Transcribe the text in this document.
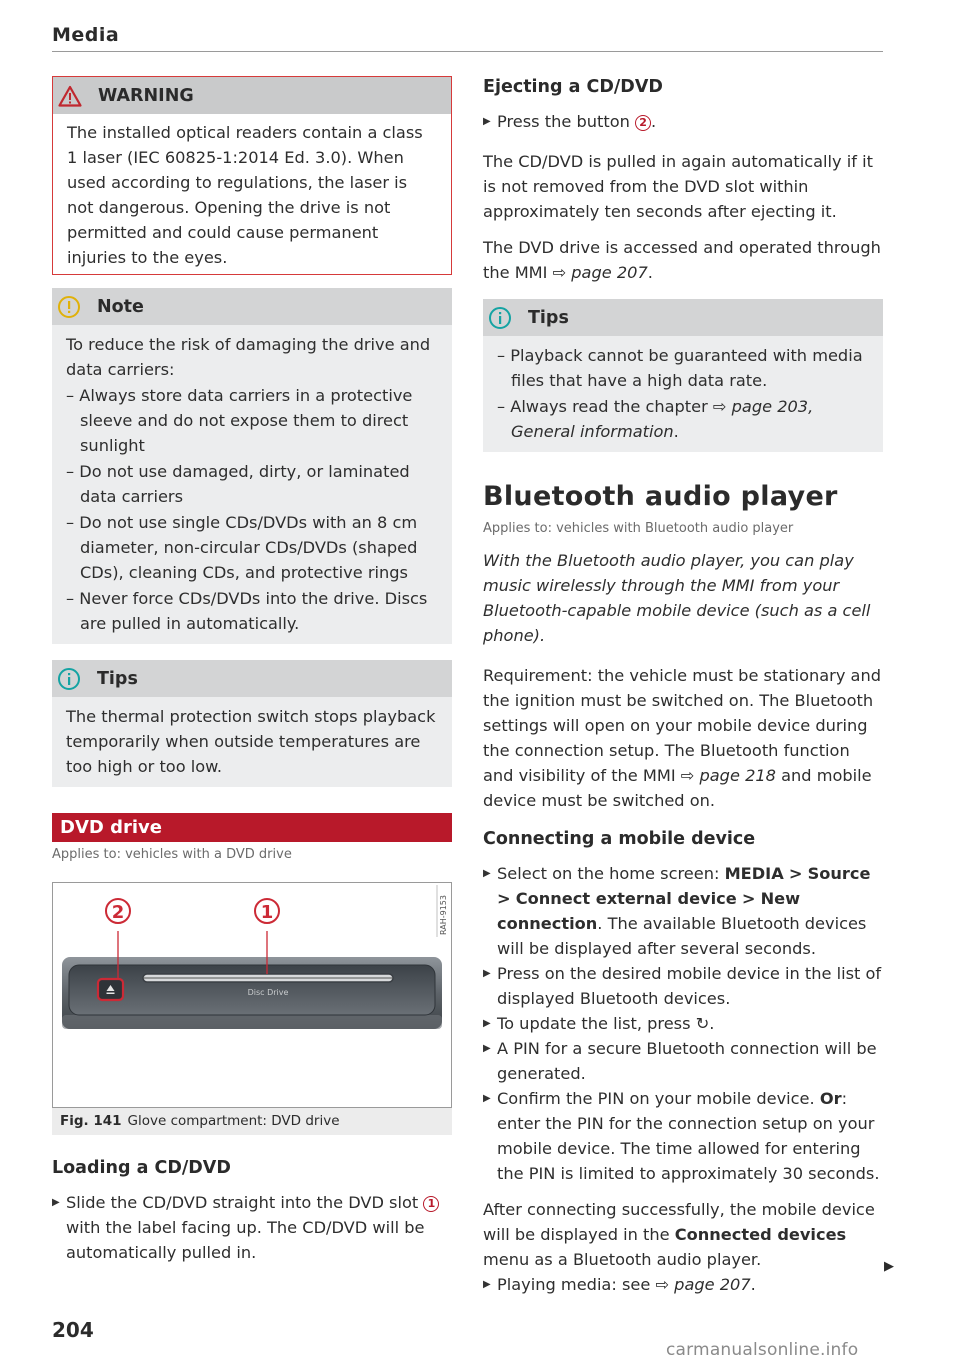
Media
WARNING
The installed optical readers contain a class 1 laser (IEC 60825-1:2014 Ed. 3.0). When used according to regulations, the laser is not dangerous. Opening the drive is not permitted and could cause permanent injuries to the eyes.
Note
To reduce the risk of damaging the drive and data carriers:
– Always store data carriers in a protective sleeve and do not expose them to direct sunlight
– Do not use damaged, dirty, or laminated data carriers
– Do not use single CDs/DVDs with an 8 cm diameter, non-circular CDs/DVDs (shaped CDs), cleaning CDs, and protective rings
– Never force CDs/DVDs into the drive. Discs are pulled in automatically.
Tips
The thermal protection switch stops playback temporarily when outside temperatures are too high or too low.
DVD drive
Applies to: vehicles with a DVD drive
2	1
Disc Drive
RAH-9153
Fig. 141 Glove compartment: DVD drive
Loading a CD/DVD
▶ Slide the CD/DVD straight into the DVD slot 1 with the label facing up. The CD/DVD will be automatically pulled in.
Ejecting a CD/DVD
▶ Press the button 2 .
The CD/DVD is pulled in again automatically if it is not removed from the DVD slot within approximately ten seconds after ejecting it.
The DVD drive is accessed and operated through the MMI ⇨ page 207.
Tips
– Playback cannot be guaranteed with media files that have a high data rate.
– Always read the chapter ⇨ page 203, General information.
Bluetooth audio player
Applies to: vehicles with Bluetooth audio player
With the Bluetooth audio player, you can play music wirelessly through the MMI from your Bluetooth-capable mobile device (such as a cell phone).
Requirement: the vehicle must be stationary and the ignition must be switched on. The Bluetooth settings will open on your mobile device during the connection setup. The Bluetooth function and visibility of the MMI ⇨ page 218 and mobile device must be switched on.
Connecting a mobile device
▶ Select on the home screen: MEDIA > Source > Connect external device > New connection. The available Bluetooth devices will be displayed after several seconds.
▶ Press on the desired mobile device in the list of displayed Bluetooth devices.
▶ To update the list, press ↻.
▶ A PIN for a secure Bluetooth connection will be generated.
▶ Confirm the PIN on your mobile device. Or: enter the PIN for the connection setup on your mobile device. The time allowed for entering the PIN is limited to approximately 30 seconds.
After connecting successfully, the mobile device will be displayed in the Connected devices menu as a Bluetooth audio player.
▶ Playing media: see ⇨ page 207.
▶
204
carmanualsonline.info
